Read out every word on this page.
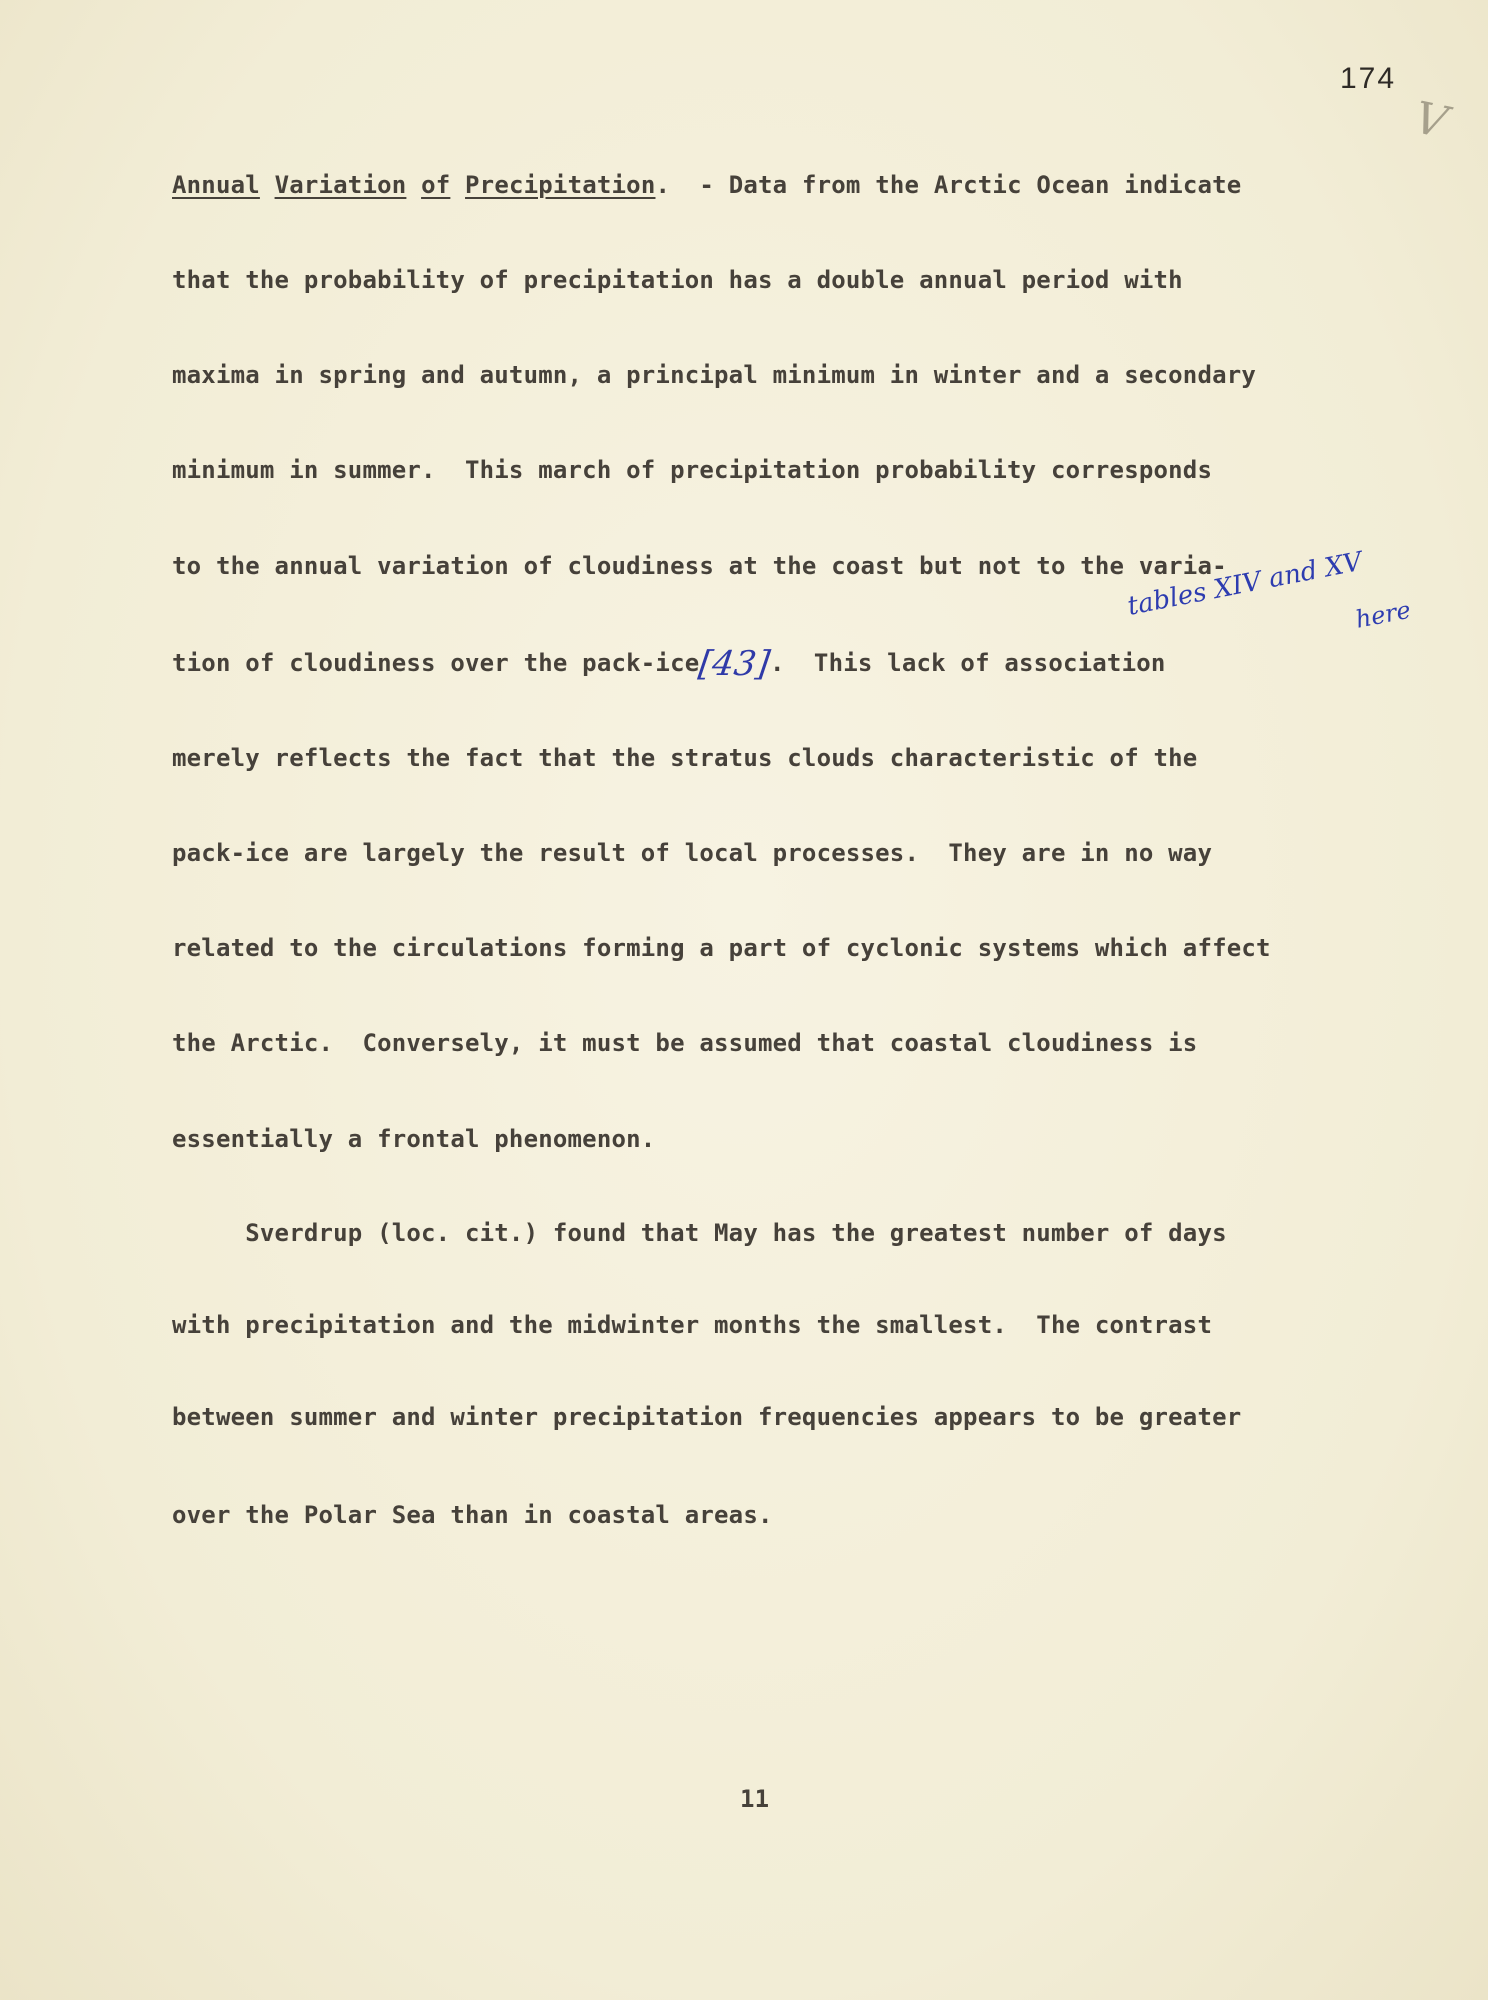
174
V
Annual Variation of Precipitation.  - Data from the Arctic Ocean indicate
that the probability of precipitation has a double annual period with
maxima in spring and autumn, a principal minimum in winter and a secondary
minimum in summer.  This march of precipitation probability corresponds
to the annual variation of cloudiness at the coast but not to the varia-
tion of cloudiness over the pack-ice[43].  This lack of association
tables XIV and XV
here
merely reflects the fact that the stratus clouds characteristic of the
pack-ice are largely the result of local processes.  They are in no way
related to the circulations forming a part of cyclonic systems which affect
the Arctic.  Conversely, it must be assumed that coastal cloudiness is
essentially a frontal phenomenon.
Sverdrup (loc. cit.) found that May has the greatest number of days
with precipitation and the midwinter months the smallest.  The contrast
between summer and winter precipitation frequencies appears to be greater
over the Polar Sea than in coastal areas.
11
